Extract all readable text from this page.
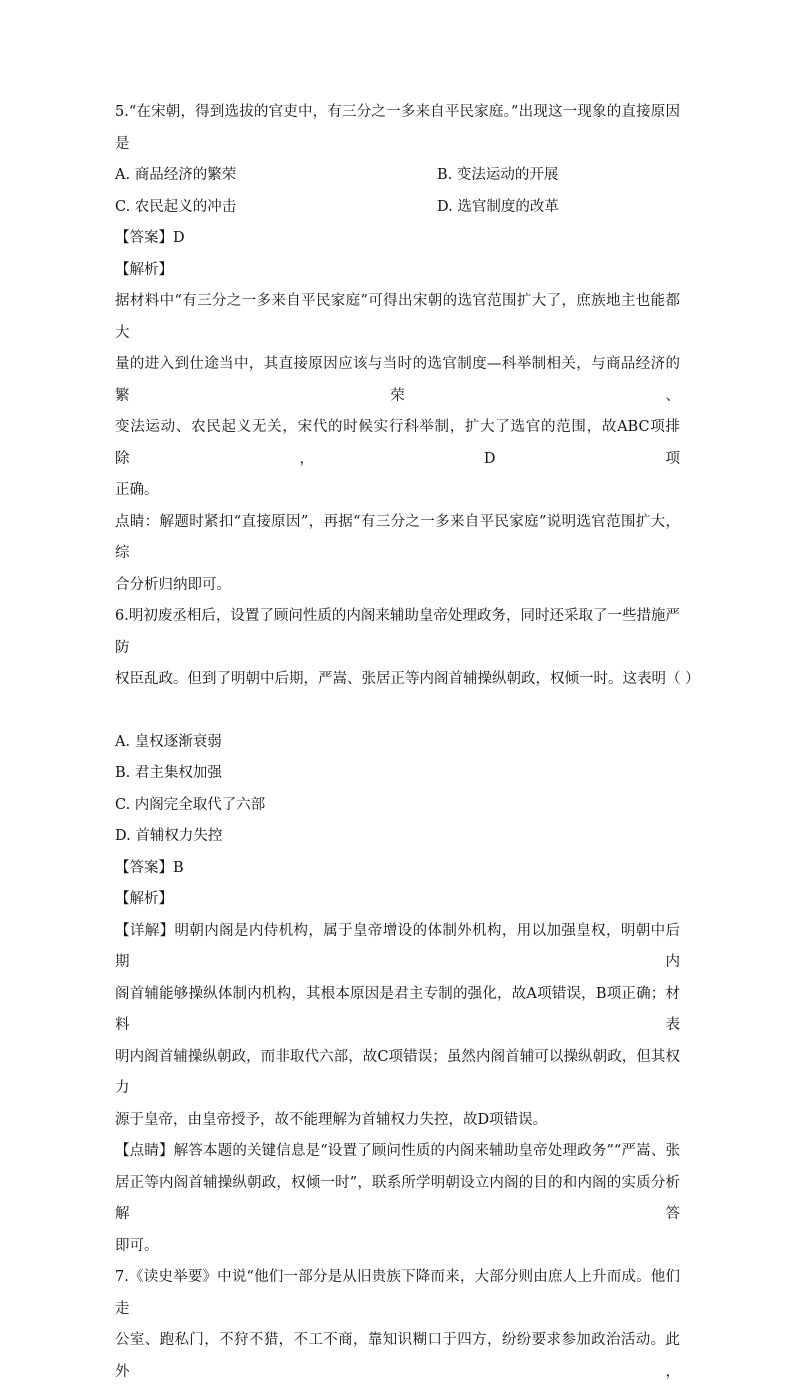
5.“在宋朝，得到选拔的官吏中，有三分之一多来自平民家庭。”出现这一现象的直接原因
是
A. 商品经济的繁荣	B. 变法运动的开展
C. 农民起义的冲击	D. 选官制度的改革
【答案】D
【解析】
据材料中“有三分之一多来自平民家庭”可得出宋朝的选官范围扩大了，庶族地主也能都大
量的进入到仕途当中，其直接原因应该与当时的选官制度—科举制相关，与商品经济的繁荣、
变法运动、农民起义无关，宋代的时候实行科举制，扩大了选官的范围，故ABC项排除，D项
正确。
点睛：解题时紧扣“直接原因”，再据“有三分之一多来自平民家庭”说明选官范围扩大，综
合分析归纳即可。
6.明初废丞相后，设置了顾问性质的内阁来辅助皇帝处理政务，同时还采取了一些措施严防
权臣乱政。但到了明朝中后期，严嵩、张居正等内阁首辅操纵朝政，权倾一时。这表明（ ）
A. 皇权逐渐衰弱
B. 君主集权加强
C. 内阁完全取代了六部
D. 首辅权力失控
【答案】B
【解析】
【详解】明朝内阁是内侍机构，属于皇帝增设的体制外机构，用以加强皇权，明朝中后期内
阁首辅能够操纵体制内机构，其根本原因是君主专制的强化，故A项错误，B项正确；材料表
明内阁首辅操纵朝政，而非取代六部，故C项错误；虽然内阁首辅可以操纵朝政，但其权力
源于皇帝，由皇帝授予，故不能理解为首辅权力失控，故D项错误。
【点睛】解答本题的关键信息是“设置了顾问性质的内阁来辅助皇帝处理政务”“严嵩、张
居正等内阁首辅操纵朝政，权倾一时”，联系所学明朝设立内阁的目的和内阁的实质分析解答
即可。
7.《读史举要》中说“他们一部分是从旧贵族下降而来，大部分则由庶人上升而成。他们走
公室、跑私门，不狩不猎，不工不商，靠知识糊口于四方，纷纷要求参加政治活动。此外，
